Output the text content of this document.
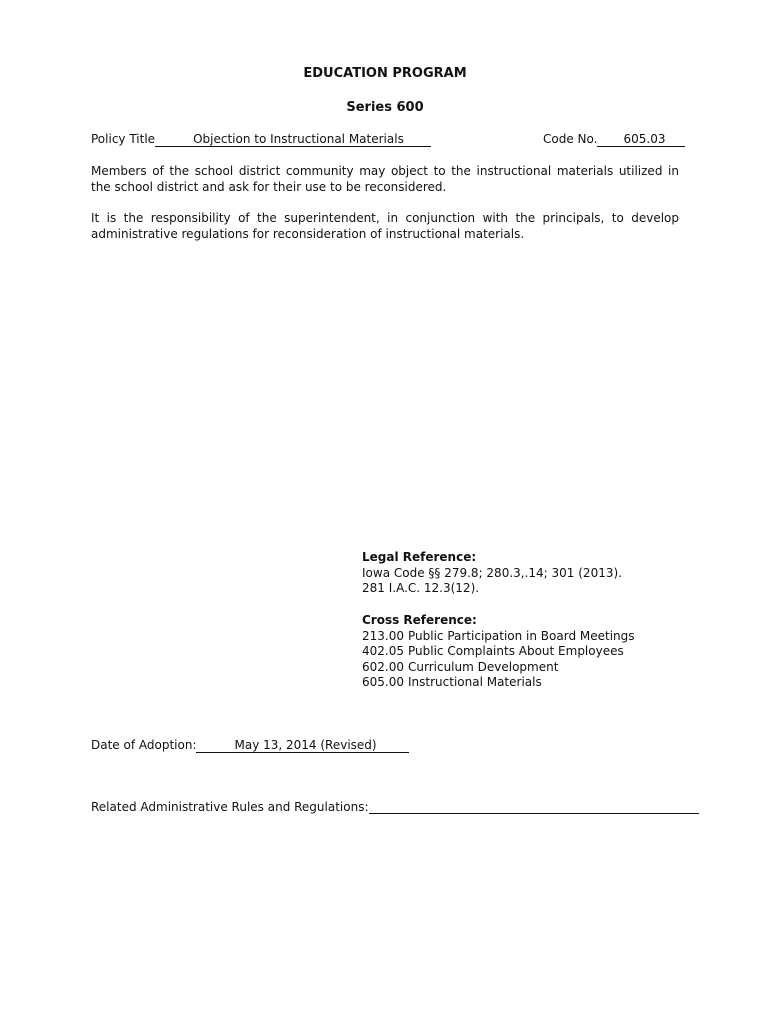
EDUCATION PROGRAM
Series 600
Policy Title	Objection to Instructional Materials	Code No. 605.03
Members of the school district community may object to the instructional materials utilized in the school district and ask for their use to be reconsidered.
It is the responsibility of the superintendent, in conjunction with the principals, to develop administrative regulations for reconsideration of instructional materials.
Legal Reference:
Iowa Code §§ 279.8; 280.3,.14; 301 (2013).
281 I.A.C. 12.3(12).
Cross Reference:
213.00 Public Participation in Board Meetings
402.05 Public Complaints About Employees
602.00 Curriculum Development
605.00 Instructional Materials
Date of Adoption:	May 13, 2014 (Revised)
Related Administrative Rules and Regulations:
